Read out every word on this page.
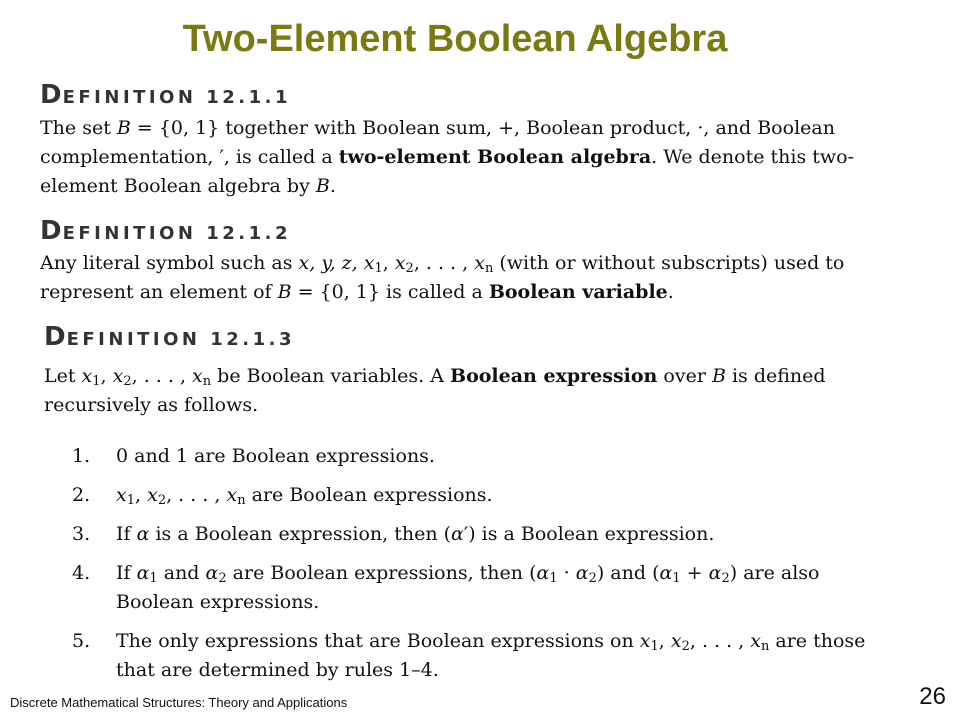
Two-Element Boolean Algebra
DEFINITION 12.1.1
The set B = {0, 1} together with Boolean sum, +, Boolean product, ·, and Boolean complementation, ′, is called a two-element Boolean algebra. We denote this two-element Boolean algebra by B.
DEFINITION 12.1.2
Any literal symbol such as x, y, z, $x_1$, $x_2$, . . . , $x_n$ (with or without subscripts) used to represent an element of B = {0, 1} is called a Boolean variable.
DEFINITION 12.1.3
Let $x_1$, $x_2$, . . . , $x_n$ be Boolean variables. A Boolean expression over B is defined recursively as follows.
1.	0 and 1 are Boolean expressions.
2.	$x_1$, $x_2$, . . . , $x_n$ are Boolean expressions.
3.	If α is a Boolean expression, then (α′) is a Boolean expression.
4.	If $\alpha_1$ and $\alpha_2$ are Boolean expressions, then $(\alpha_1 \cdot \alpha_2)$ and $(\alpha_1 + \alpha_2)$ are also Boolean expressions.
5.	The only expressions that are Boolean expressions on $x_1$, $x_2$, . . . , $x_n$ are those that are determined by rules 1–4.
Discrete Mathematical Structures: Theory and Applications	26
